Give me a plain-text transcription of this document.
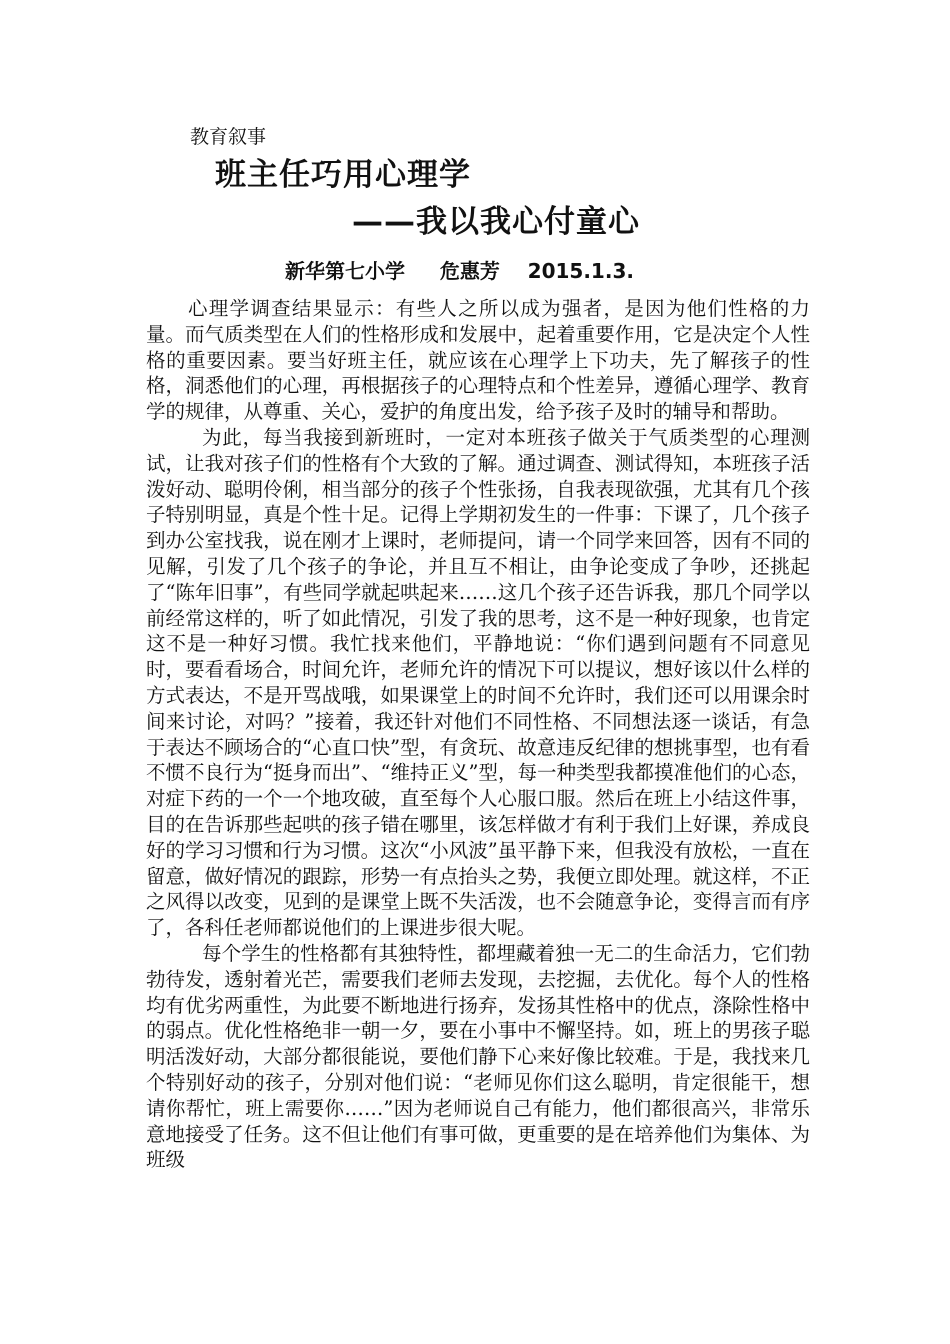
教育叙事
班主任巧用心理学
——我以我心付童心
新华第七小学     危惠芳    2015.1.3.

心理学调查结果显示：有些人之所以成为强者，是因为他们性格的力量。而气质类型在人们的性格形成和发展中，起着重要作用，它是决定个人性格的重要因素。要当好班主任，就应该在心理学上下功夫，先了解孩子的性格，洞悉他们的心理，再根据孩子的心理特点和个性差异，遵循心理学、教育学的规律，从尊重、关心，爱护的角度出发，给予孩子及时的辅导和帮助。

为此，每当我接到新班时，一定对本班孩子做关于气质类型的心理测试，让我对孩子们的性格有个大致的了解。通过调查、测试得知，本班孩子活泼好动、聪明伶俐，相当部分的孩子个性张扬，自我表现欲强，尤其有几个孩子特别明显，真是个性十足。记得上学期初发生的一件事：下课了，几个孩子到办公室找我，说在刚才上课时，老师提问，请一个同学来回答，因有不同的见解，引发了几个孩子的争论，并且互不相让，由争论变成了争吵，还挑起了“陈年旧事”，有些同学就起哄起来……这几个孩子还告诉我，那几个同学以前经常这样的，听了如此情况，引发了我的思考，这不是一种好现象，也肯定这不是一种好习惯。我忙找来他们，平静地说：“你们遇到问题有不同意见时，要看看场合，时间允许，老师允许的情况下可以提议，想好该以什么样的方式表达，不是开骂战哦，如果课堂上的时间不允许时，我们还可以用课余时间来讨论，对吗？”接着，我还针对他们不同性格、不同想法逐一谈话，有急于表达不顾场合的“心直口快”型，有贪玩、故意违反纪律的想挑事型，也有看不惯不良行为“挺身而出”、“维持正义”型，每一种类型我都摸准他们的心态，对症下药的一个一个地攻破，直至每个人心服口服。然后在班上小结这件事，目的在告诉那些起哄的孩子错在哪里，该怎样做才有利于我们上好课，养成良好的学习习惯和行为习惯。这次“小风波”虽平静下来，但我没有放松，一直在留意，做好情况的跟踪，形势一有点抬头之势，我便立即处理。就这样，不正之风得以改变，见到的是课堂上既不失活泼，也不会随意争论，变得言而有序了，各科任老师都说他们的上课进步很大呢。

每个学生的性格都有其独特性，都埋藏着独一无二的生命活力，它们勃勃待发，透射着光芒，需要我们老师去发现，去挖掘，去优化。每个人的性格均有优劣两重性，为此要不断地进行扬弃，发扬其性格中的优点，涤除性格中的弱点。优化性格绝非一朝一夕，要在小事中不懈坚持。如，班上的男孩子聪明活泼好动，大部分都很能说，要他们静下心来好像比较难。于是，我找来几个特别好动的孩子，分别对他们说：“老师见你们这么聪明，肯定很能干，想请你帮忙，班上需要你……”因为老师说自己有能力，他们都很高兴，非常乐意地接受了任务。这不但让他们有事可做，更重要的是在培养他们为集体、为班级
